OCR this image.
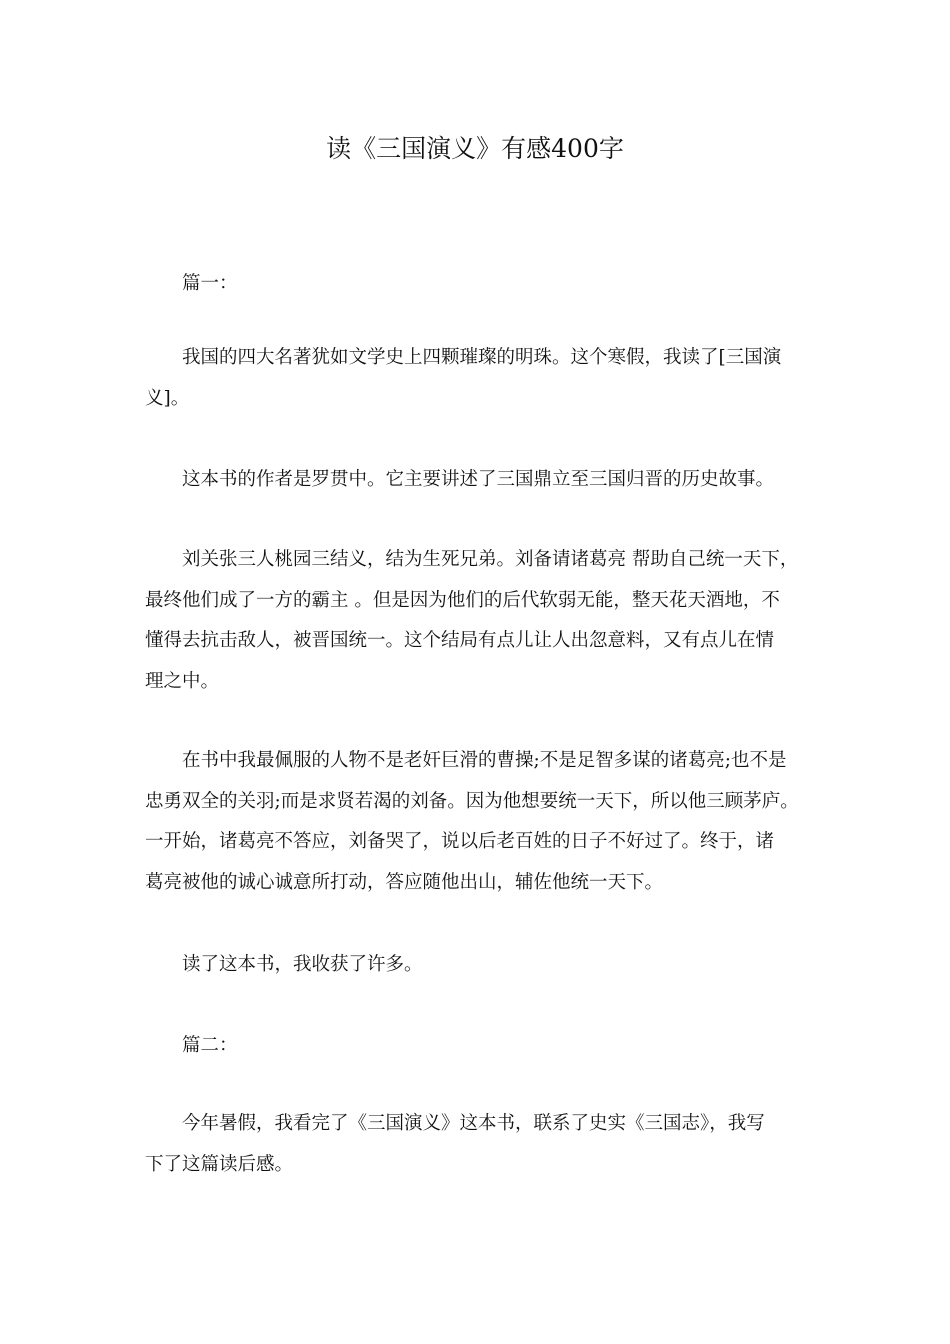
读《三国演义》有感400字

篇一：

我国的四大名著犹如文学史上四颗璀璨的明珠。这个寒假，我读了[三国演
义]。

这本书的作者是罗贯中。它主要讲述了三国鼎立至三国归晋的历史故事。

刘关张三人桃园三结义，结为生死兄弟。刘备请诸葛亮 帮助自己统一天下，
最终他们成了一方的霸主 。但是因为他们的后代软弱无能，整天花天酒地，不
懂得去抗击敌人，被晋国统一。这个结局有点儿让人出忽意料，又有点儿在情
理之中。

在书中我最佩服的人物不是老奸巨滑的曹操;不是足智多谋的诸葛亮;也不是
忠勇双全的关羽;而是求贤若渴的刘备。因为他想要统一天下，所以他三顾茅庐。
一开始，诸葛亮不答应，刘备哭了，说以后老百姓的日子不好过了。终于，诸
葛亮被他的诚心诚意所打动，答应随他出山，辅佐他统一天下。

读了这本书，我收获了许多。

篇二：

今年暑假，我看完了《三国演义》这本书，联系了史实《三国志》，我写
下了这篇读后感。
